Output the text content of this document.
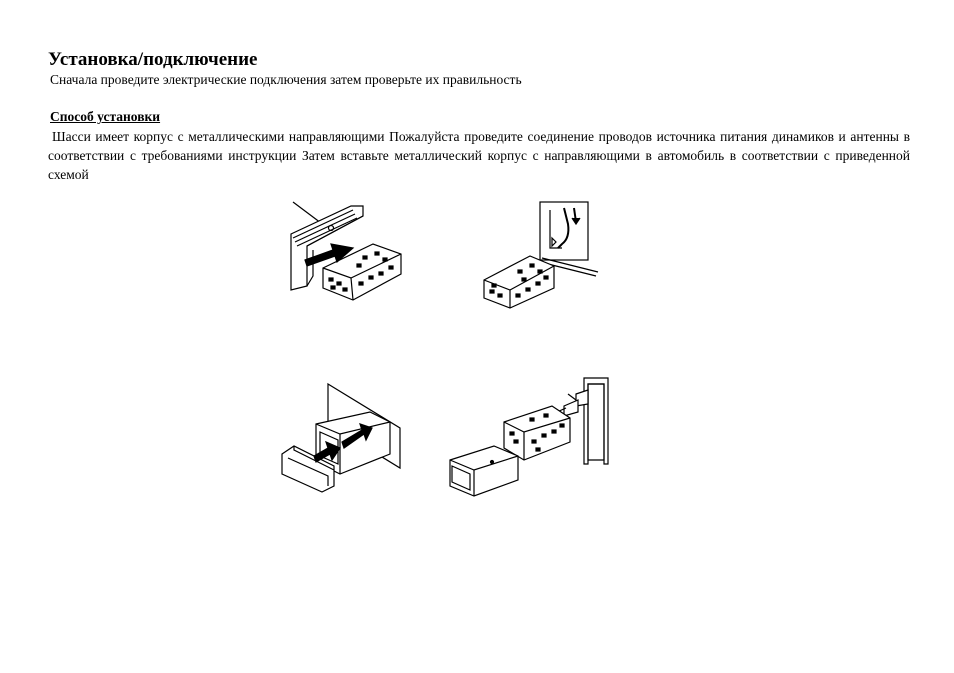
Установка/подключение

Сначала проведите электрические подключения затем проверьте их правильность

Способ установки

Шасси имеет корпус с металлическими направляющими Пожалуйста проведите соединение проводов источника питания динамиков и антенны в соответствии с требованиями инструкции Затем вставьте металлический корпус с направляющими в автомобиль в соответствии с приведенной схемой
